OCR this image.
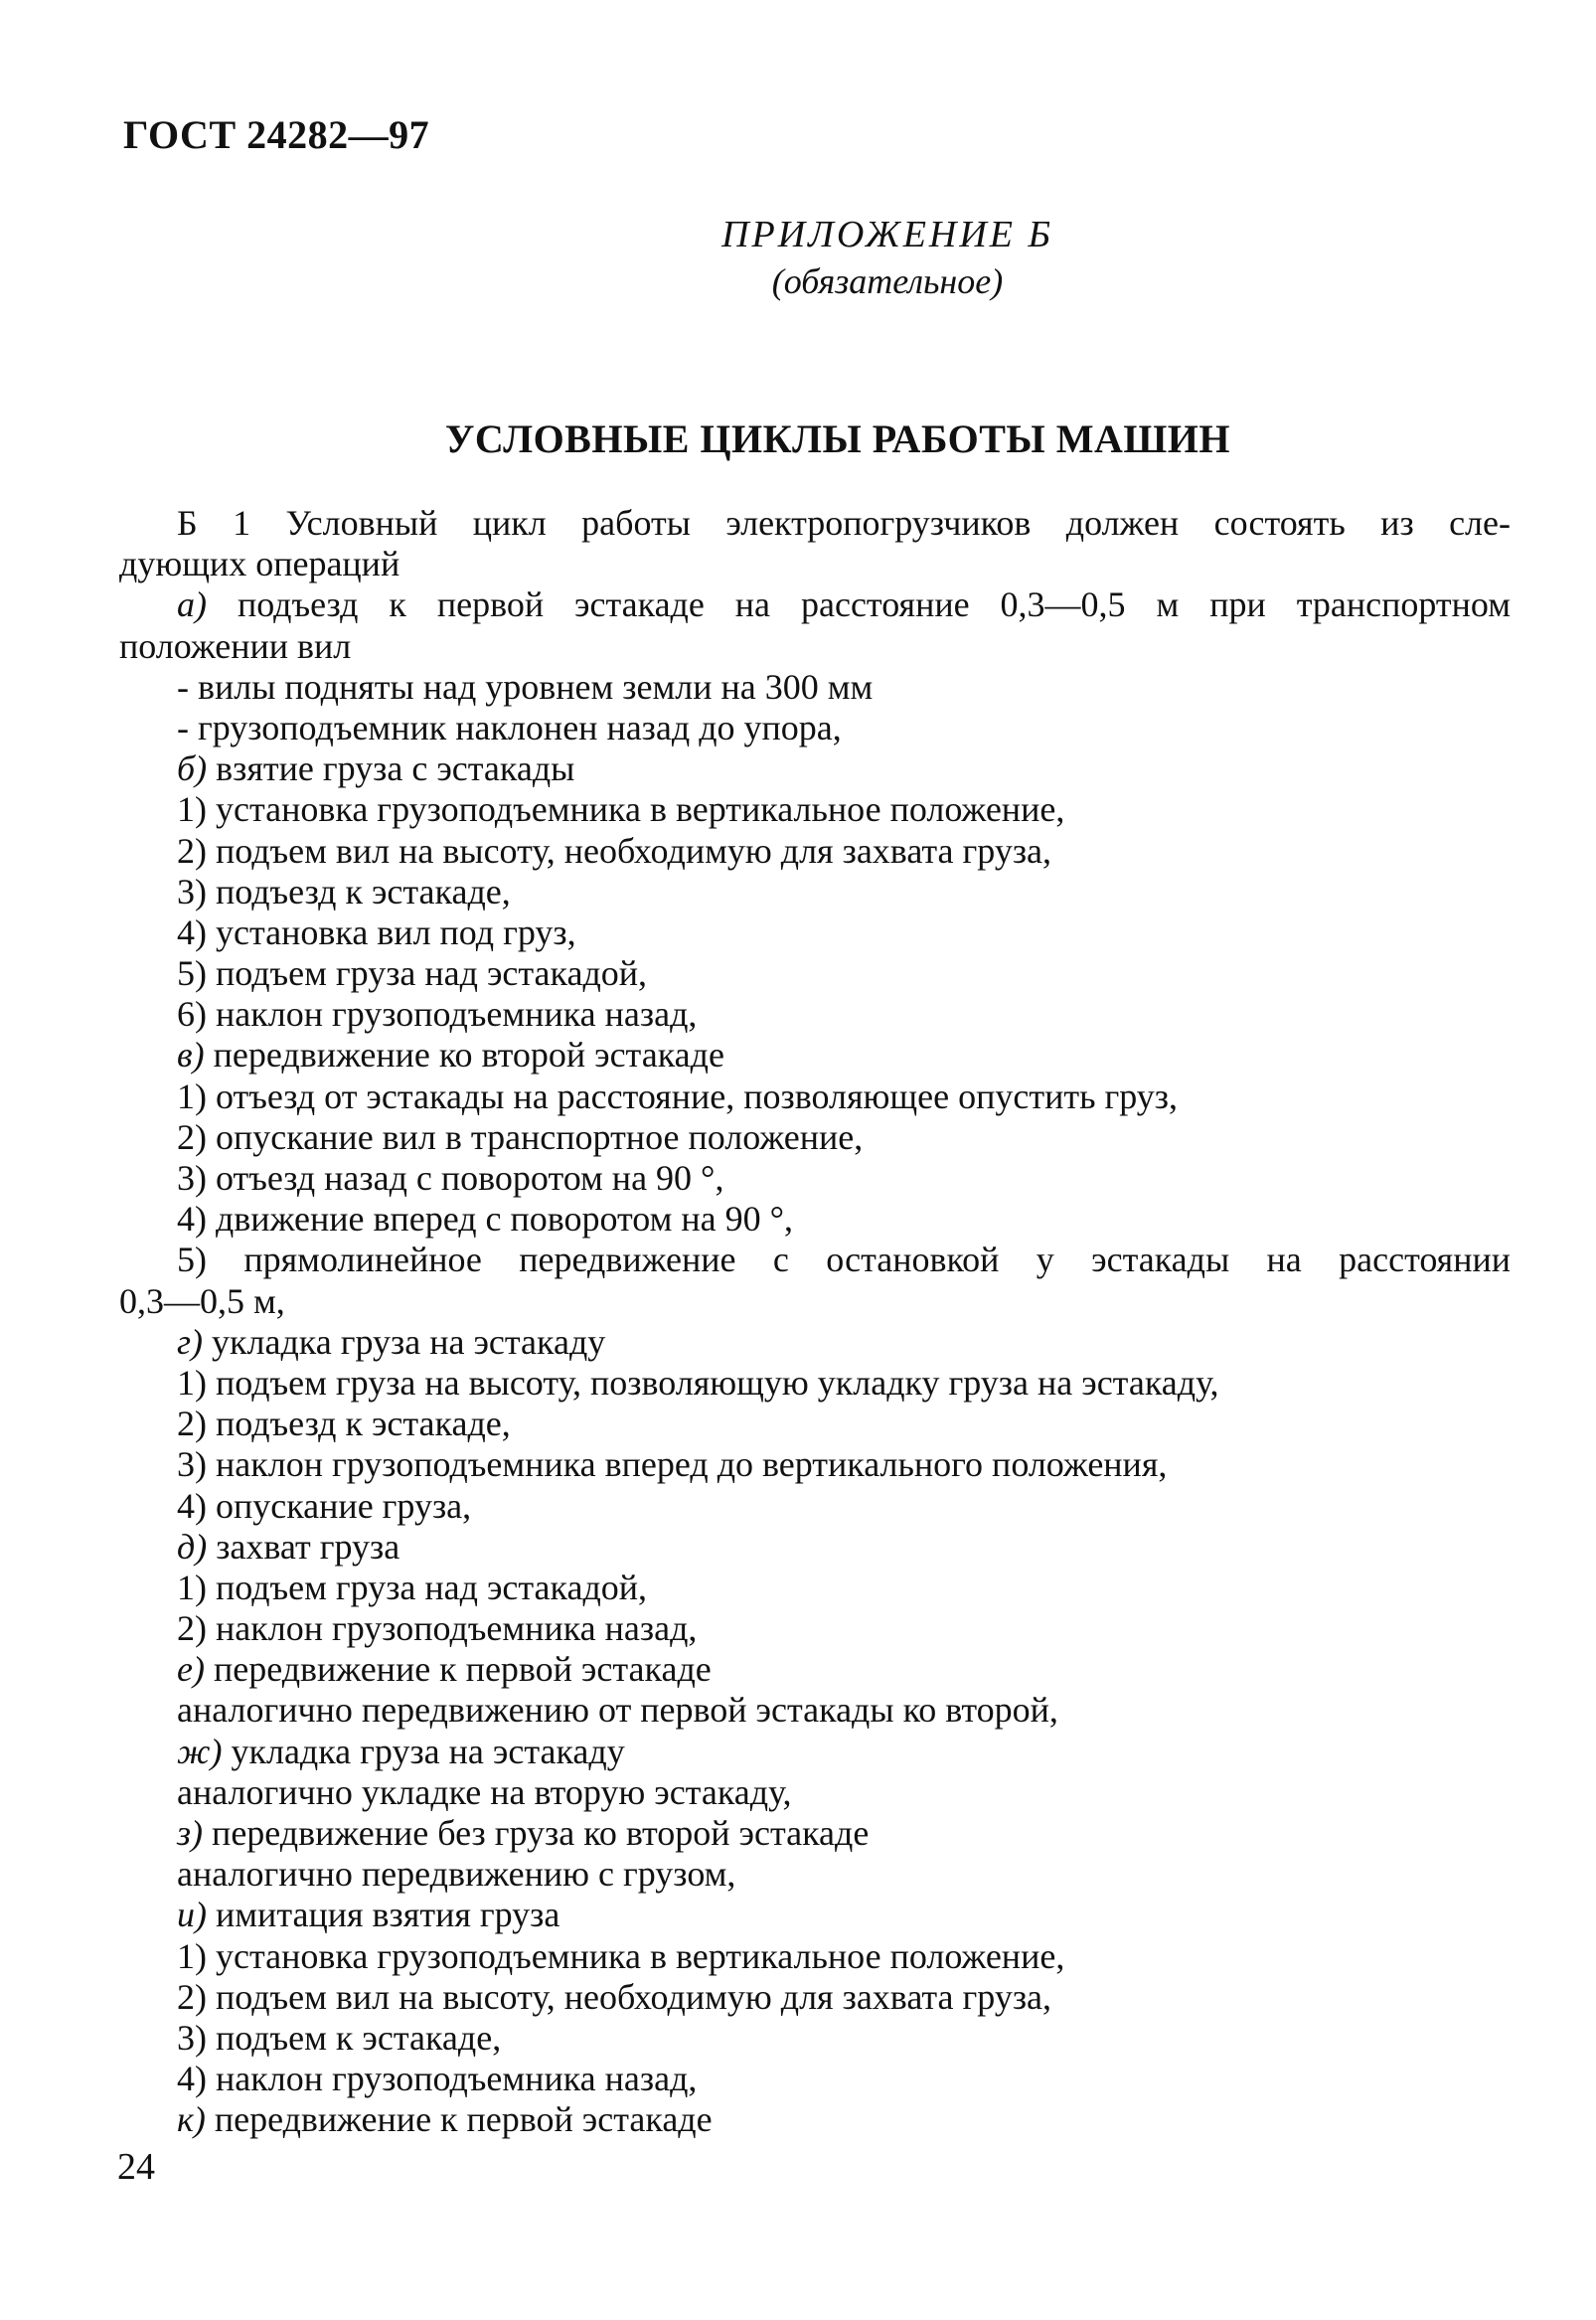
ГОСТ 24282—97
ПРИЛОЖЕНИЕ Б
(обязательное)
УСЛОВНЫЕ ЦИКЛЫ РАБОТЫ МАШИН
Б 1 Условный цикл работы электропогрузчиков должен состоять из сле-
дующих операций
а) подъезд к первой эстакаде на расстояние 0,3—0,5 м при транспортном
положении вил
- вилы подняты над уровнем земли на 300 мм
- грузоподъемник наклонен назад до упора,
б) взятие груза с эстакады
1) установка грузоподъемника в вертикальное положение,
2) подъем вил на высоту, необходимую для захвата груза,
3) подъезд к эстакаде,
4) установка вил под груз,
5) подъем груза над эстакадой,
6) наклон грузоподъемника назад,
в) передвижение ко второй эстакаде
1) отъезд от эстакады на расстояние, позволяющее опустить груз,
2) опускание вил в транспортное положение,
3) отъезд назад с поворотом на 90 °,
4) движение вперед с поворотом на 90 °,
5) прямолинейное передвижение с остановкой у эстакады на расстоянии
0,3—0,5 м,
г) укладка груза на эстакаду
1) подъем груза на высоту, позволяющую укладку груза на эстакаду,
2) подъезд к эстакаде,
3) наклон грузоподъемника вперед до вертикального положения,
4) опускание груза,
д) захват груза
1) подъем груза над эстакадой,
2) наклон грузоподъемника назад,
е) передвижение к первой эстакаде
аналогично передвижению от первой эстакады ко второй,
ж) укладка груза на эстакаду
аналогично укладке на вторую эстакаду,
з) передвижение без груза ко второй эстакаде
аналогично передвижению с грузом,
и) имитация взятия груза
1) установка грузоподъемника в вертикальное положение,
2) подъем вил на высоту, необходимую для захвата груза,
3) подъем к эстакаде,
4) наклон грузоподъемника назад,
к) передвижение к первой эстакаде
24
